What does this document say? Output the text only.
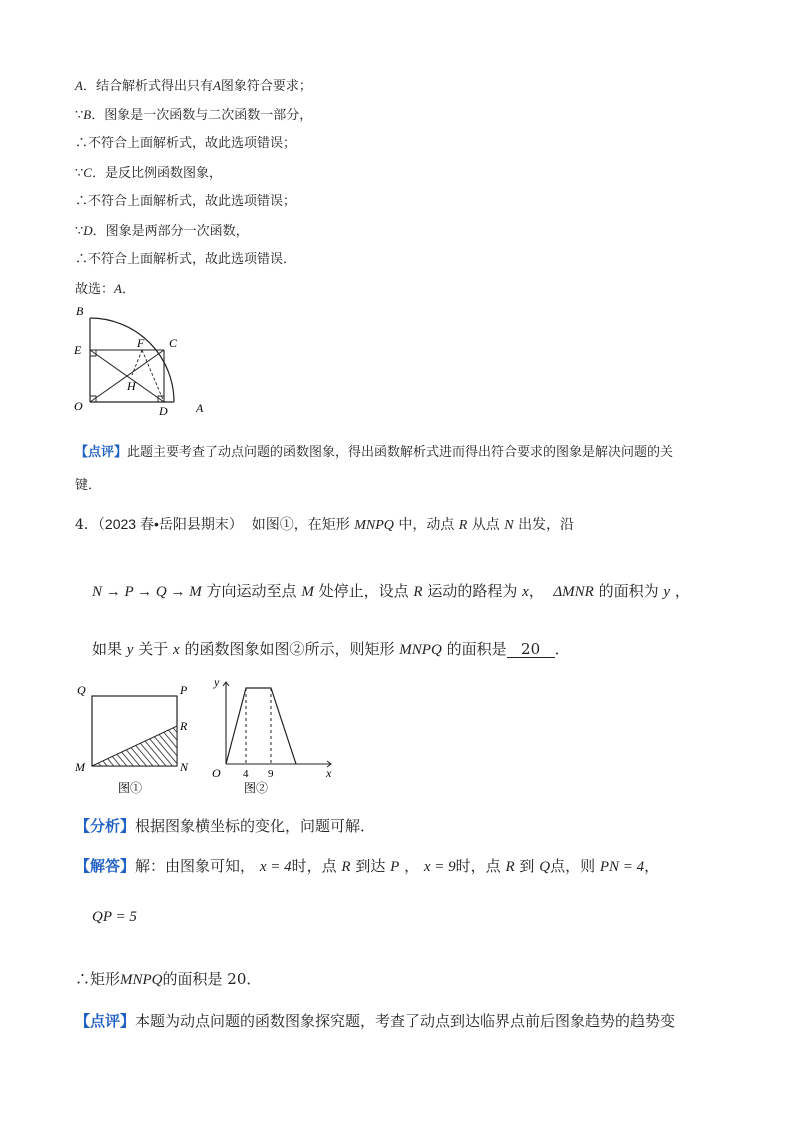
A．结合解析式得出只有A图象符合要求；
∵B．图象是一次函数与二次函数一部分，
∴不符合上面解析式，故此选项错误；
∵C．是反比例函数图象，
∴不符合上面解析式，故此选项错误；
∵D．图象是两部分一次函数，
∴不符合上面解析式，故此选项错误．
故选：A．
B
C
E	F
H
O	D A
【点评】此题主要考查了动点问题的函数图象，得出函数解析式进而得出符合要求的图象是解决问题的关
键．
4．（2023 春•岳阳县期末） 如图①，在矩形 MNPQ 中，动点 R 从点 N 出发，沿
N → P → Q → M 方向运动至点 M 处停止，设点 R 运动的路程为 x， ΔMNR 的面积为 y ，
如果 y 关于 x 的函数图象如图②所示，则矩形 MNPQ 的面积是 20 ．
Q	P
R
M	N
图①
y
x
O 4 9
图②
【分析】根据图象横坐标的变化，问题可解．
【解答】解：由图象可知， x = 4时，点 R 到达 P ， x = 9时，点 R 到 Q点，则 PN = 4，
QP = 5
∴矩形MNPQ的面积是 20．
【点评】本题为动点问题的函数图象探究题，考查了动点到达临界点前后图象趋势的趋势变
